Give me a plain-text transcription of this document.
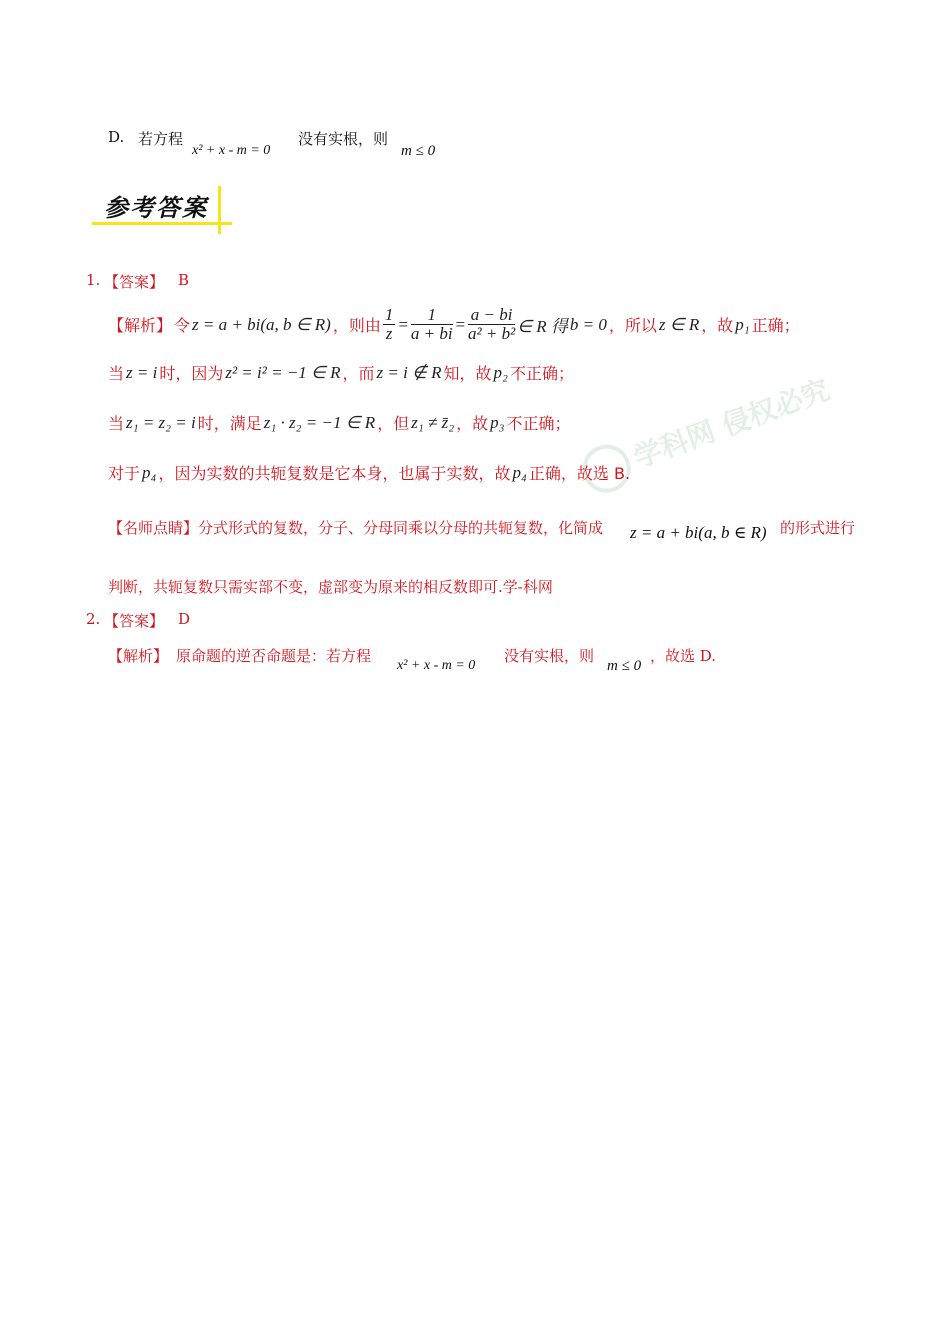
D. 若方程
x² + x - m = 0
没有实根，则
m ≤ 0
参考答案
1. 【答案】 B
学科网 侵权必究
【解析】 令 z = a + bi(a, b ∈ R) ，则由 $\frac{1}{z} = \frac{1}{a + bi} = \frac{a - bi}{\text{a² + b²}}$ ∈ R 得 b = 0 ，所以 z ∈ R ，故 p₁ 正确；
当 z = i 时，因为 z² = i² = −1 ∈ R ，而 z = i ∉ R 知，故 p₂ 不正确；
当 z₁ = z₂ = i 时，满足 z₁ · z₂ = −1 ∈ R ，但 z₁ ≠ z̄₂ ，故 p₃ 不正确；
对于 p₄ ，因为实数的共轭复数是它本身，也属于实数，故 p₄ 正确，故选 B.
【名师点睛】 分式形式的复数，分子、分母同乘以分母的共轭复数，化简成 z = a + bi(a, b ∈ R) 的形式进行
判断，共轭复数只需实部不变，虚部变为原来的相反数即可.学-科网
2. 【答案】 D
【解析】 原命题的逆否命题是：若方程
x² + x - m = 0
没有实根，则
m ≤ 0
，故选 D.
